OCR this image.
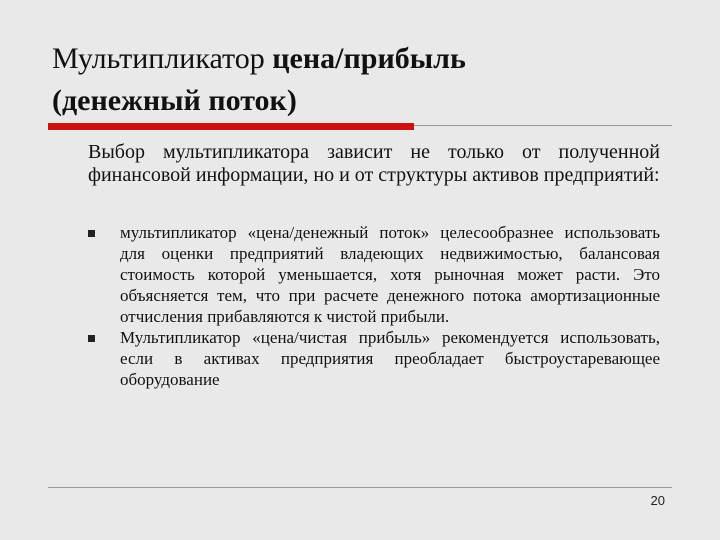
Мультипликатор цена/прибыль
(денежный поток)
Выбор мультипликатора зависит не только от полученной финансовой информации, но и от структуры активов предприятий:
мультипликатор «цена/денежный поток» целесообразнее использовать для оценки предприятий владеющих недвижимостью, балансовая стоимость которой уменьшается, хотя рыночная может расти. Это объясняется тем, что при расчете денежного потока амортизационные отчисления прибавляются к чистой прибыли.
Мультипликатор «цена/чистая прибыль» рекомендуется использовать, если в активах предприятия преобладает быстроустаревающее оборудование
20
